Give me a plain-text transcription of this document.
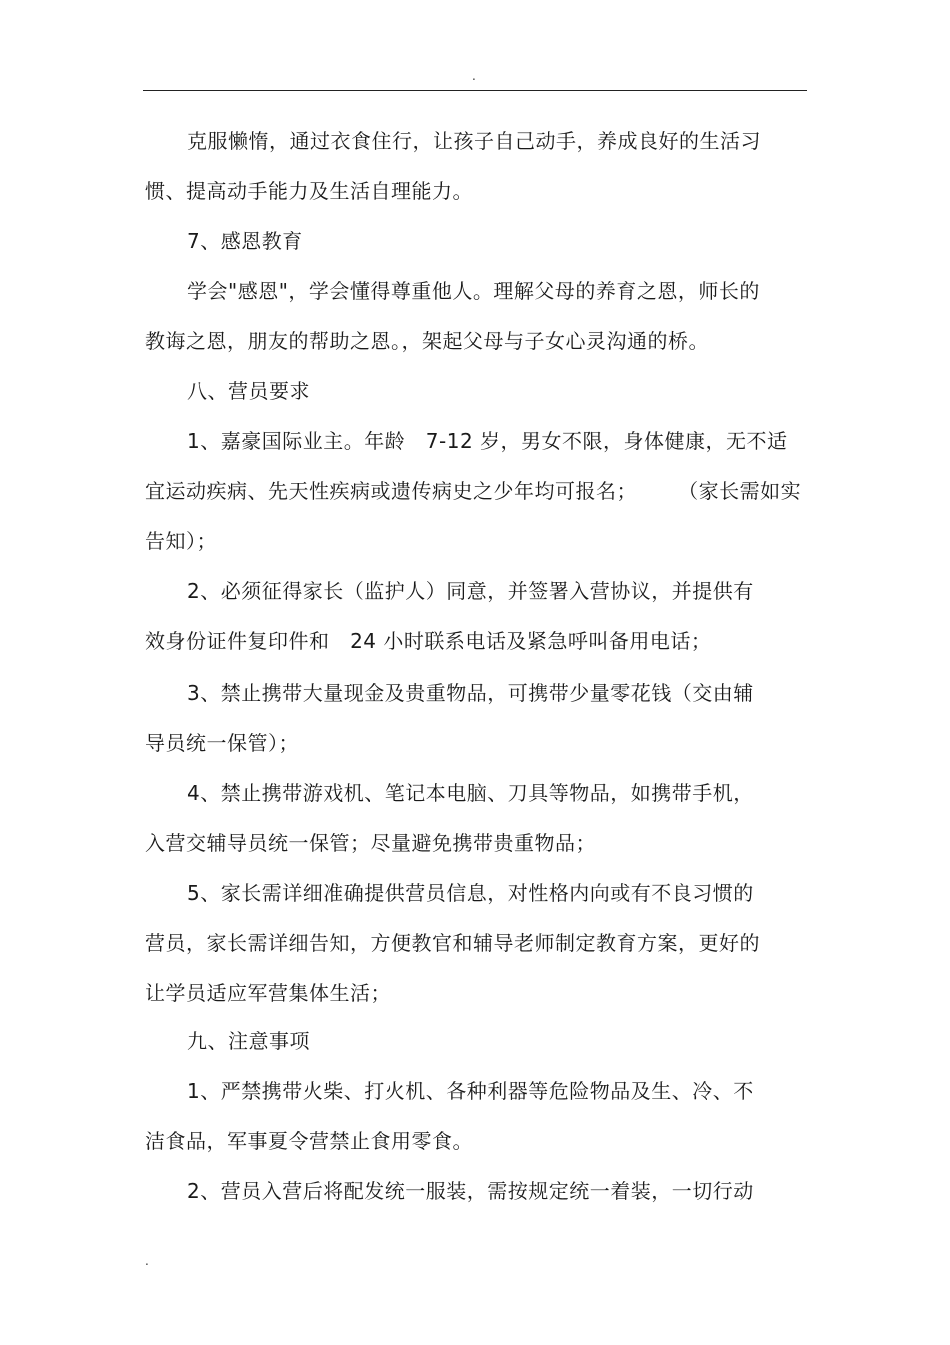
.
克服懒惰，通过衣食住行，让孩子自己动手，养成良好的生活习
惯、提高动手能力及生活自理能力。
7、感恩教育
学会"感恩"，学会懂得尊重他人。理解父母的养育之恩，师长的
教诲之恩，朋友的帮助之恩。，架起父母与子女心灵沟通的桥。
八、营员要求
1、嘉豪国际业主。年龄   7-12 岁，男女不限，身体健康，无不适
宜运动疾病、先天性疾病或遗传病史之少年均可报名；      （家长需如实
告知）；
2、必须征得家长（监护人）同意，并签署入营协议，并提供有
效身份证件复印件和   24 小时联系电话及紧急呼叫备用电话；
3、禁止携带大量现金及贵重物品，可携带少量零花钱（交由辅
导员统一保管）；
4、禁止携带游戏机、笔记本电脑、刀具等物品，如携带手机，
入营交辅导员统一保管；尽量避免携带贵重物品；
5、家长需详细准确提供营员信息，对性格内向或有不良习惯的
营员，家长需详细告知，方便教官和辅导老师制定教育方案，更好的
让学员适应军营集体生活；
九、注意事项
1、严禁携带火柴、打火机、各种利器等危险物品及生、冷、不
洁食品，军事夏令营禁止食用零食。
2、营员入营后将配发统一服装，需按规定统一着装，一切行动
.
